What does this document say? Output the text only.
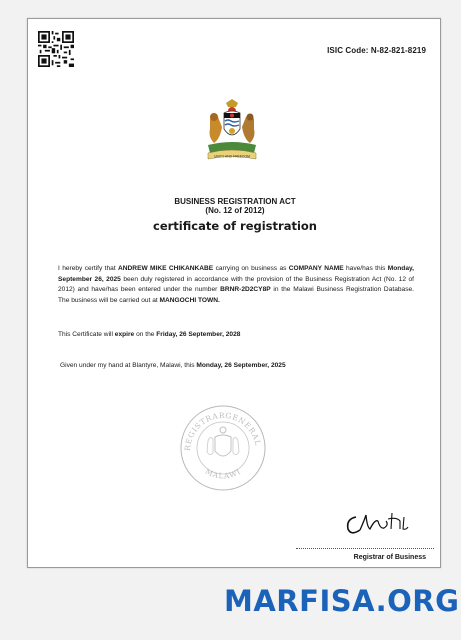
ISIC Code: N-82-821-8219
UNITY AND FREEDOM
BUSINESS REGISTRATION ACT
(No. 12 of 2012)
certificate of registration
I hereby certify that ANDREW MIKE CHIKANKABE carrying on business as COMPANY NAME have/has this Monday, September 26, 2025 been duly registered in accordance with the provision of the Business Registration Act (No. 12 of 2012) and have/has been entered under the number BRNR-2D2CY8P in the Malawi Business Registration Database. The business will be carried out at MANGOCHI TOWN.
This Certificate will expire on the Friday, 26 September, 2028
Given under my hand at Blantyre, Malawi, this Monday, 26 September, 2025
REGISTRAR GENERAL
MALAWI
Registrar of Business
MARFISA.ORG
